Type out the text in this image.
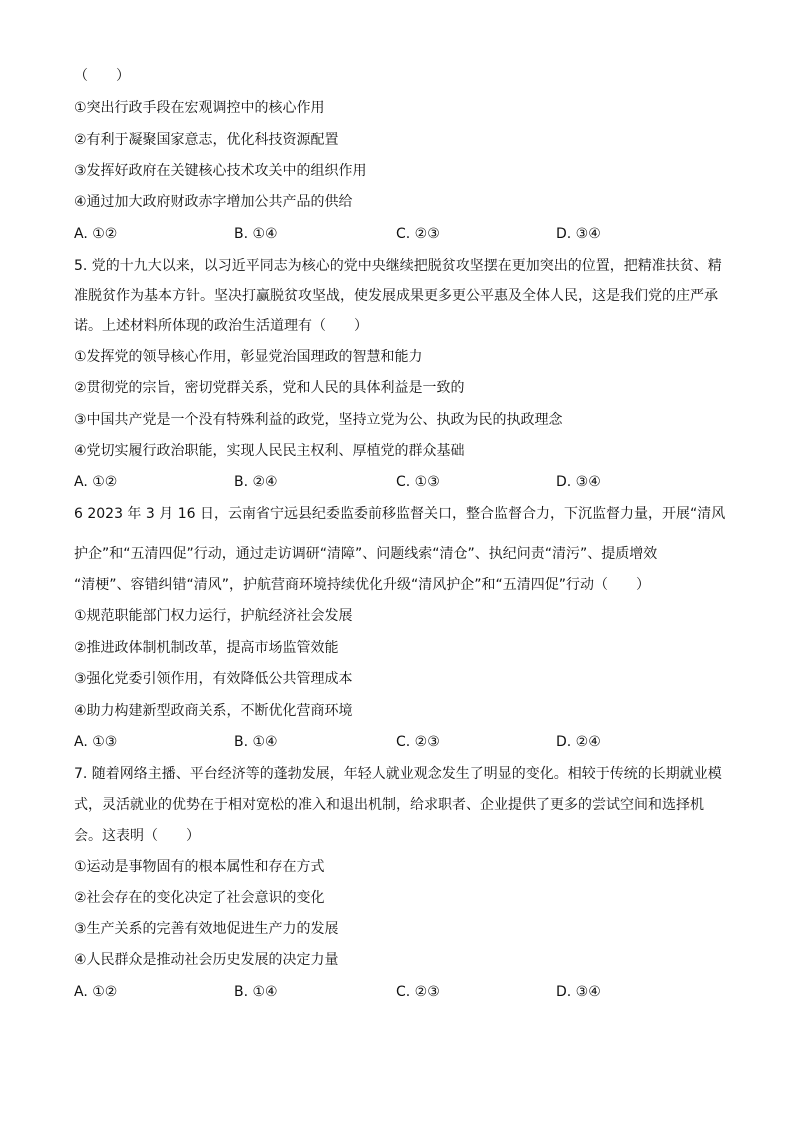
（　　）
①突出行政手段在宏观调控中的核心作用
②有利于凝聚国家意志，优化科技资源配置
③发挥好政府在关键核心技术攻关中的组织作用
④通过加大政府财政赤字增加公共产品的供给
A. ①②	B. ①④	C. ②③	D. ③④
5. 党的十九大以来，以习近平同志为核心的党中央继续把脱贫攻坚摆在更加突出的位置，把精准扶贫、精
准脱贫作为基本方针。坚决打赢脱贫攻坚战，使发展成果更多更公平惠及全体人民，这是我们党的庄严承
诺。上述材料所体现的政治生活道理有（　　）
①发挥党的领导核心作用，彰显党治国理政的智慧和能力
②贯彻党的宗旨，密切党群关系，党和人民的具体利益是一致的
③中国共产党是一个没有特殊利益的政党，坚持立党为公、执政为民的执政理念
④党切实履行政治职能，实现人民民主权利、厚植党的群众基础
A. ①②	B. ②④	C. ①③	D. ③④
6 2023 年 3 月 16 日，云南省宁远县纪委监委前移监督关口，整合监督合力，下沉监督力量，开展“清风
护企”和“五清四促”行动，通过走访调研“清障”、问题线索“清仓”、执纪问责“清污”、提质增效
“清梗”、容错纠错“清风”，护航营商环境持续优化升级“清风护企”和“五清四促”行动（　　）
①规范职能部门权力运行，护航经济社会发展
②推进政体制机制改革，提高市场监管效能
③强化党委引领作用，有效降低公共管理成本
④助力构建新型政商关系，不断优化营商环境
A. ①③	B. ①④	C. ②③	D. ②④
7. 随着网络主播、平台经济等的蓬勃发展，年轻人就业观念发生了明显的变化。相较于传统的长期就业模
式，灵活就业的优势在于相对宽松的准入和退出机制，给求职者、企业提供了更多的尝试空间和选择机
会。这表明（　　）
①运动是事物固有的根本属性和存在方式
②社会存在的变化决定了社会意识的变化
③生产关系的完善有效地促进生产力的发展
④人民群众是推动社会历史发展的决定力量
A. ①②	B. ①④	C. ②③	D. ③④
